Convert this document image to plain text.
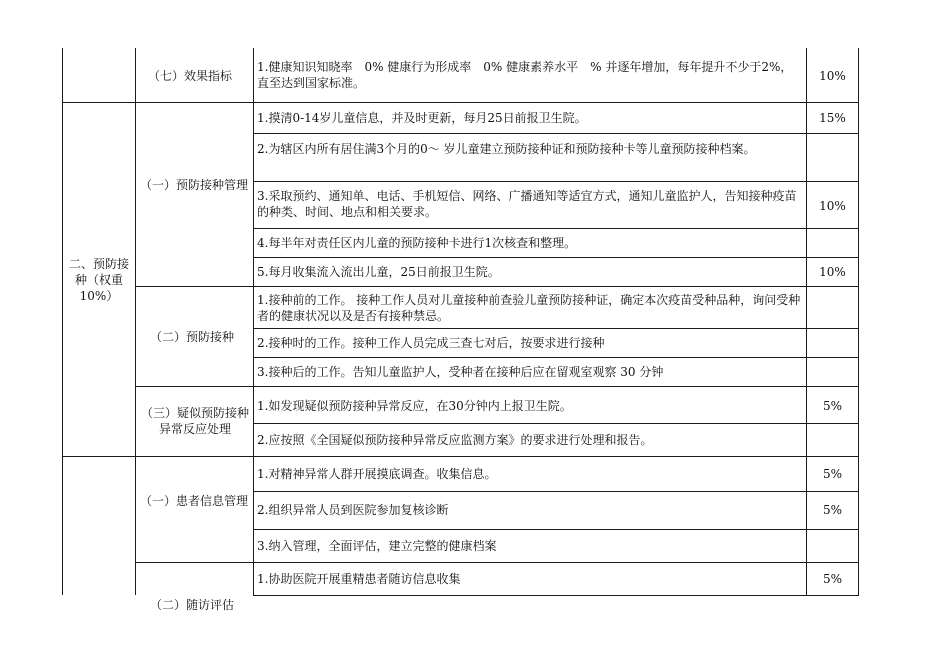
二、预防接种（权重10%）
（七）效果指标
（一）预防接种管理
（二）预防接种
（三）疑似预防接种异常反应处理
（一）患者信息管理
（二）随访评估
1.健康知识知晓率　0% 健康行为形成率　0% 健康素养水平　% 并逐年增加，每年提升不少于2%，直至达到国家标准。
1.摸清0-14岁儿童信息，并及时更新，每月25日前报卫生院。
2.为辖区内所有居住满3个月的0～ 岁儿童建立预防接种证和预防接种卡等儿童预防接种档案。
3.采取预约、通知单、电话、手机短信、网络、广播通知等适宜方式，通知儿童监护人，告知接种疫苗的种类、时间、地点和相关要求。
4.每半年对责任区内儿童的预防接种卡进行1次核查和整理。
5.每月收集流入流出儿童，25日前报卫生院。
1.接种前的工作。 接种工作人员对儿童接种前查验儿童预防接种证，确定本次疫苗受种品种，询问受种者的健康状况以及是否有接种禁忌。
2.接种时的工作。接种工作人员完成三查七对后，按要求进行接种
3.接种后的工作。告知儿童监护人，受种者在接种后应在留观室观察 30 分钟
1.如发现疑似预防接种异常反应，在30分钟内上报卫生院。
2.应按照《全国疑似预防接种异常反应监测方案》的要求进行处理和报告。
1.对精神异常人群开展摸底调查。收集信息。
2.组织异常人员到医院参加复核诊断
3.纳入管理，全面评估，建立完整的健康档案
1.协助医院开展重精患者随访信息收集
10%
15%
10%
10%
5%
5%
5%
5%
